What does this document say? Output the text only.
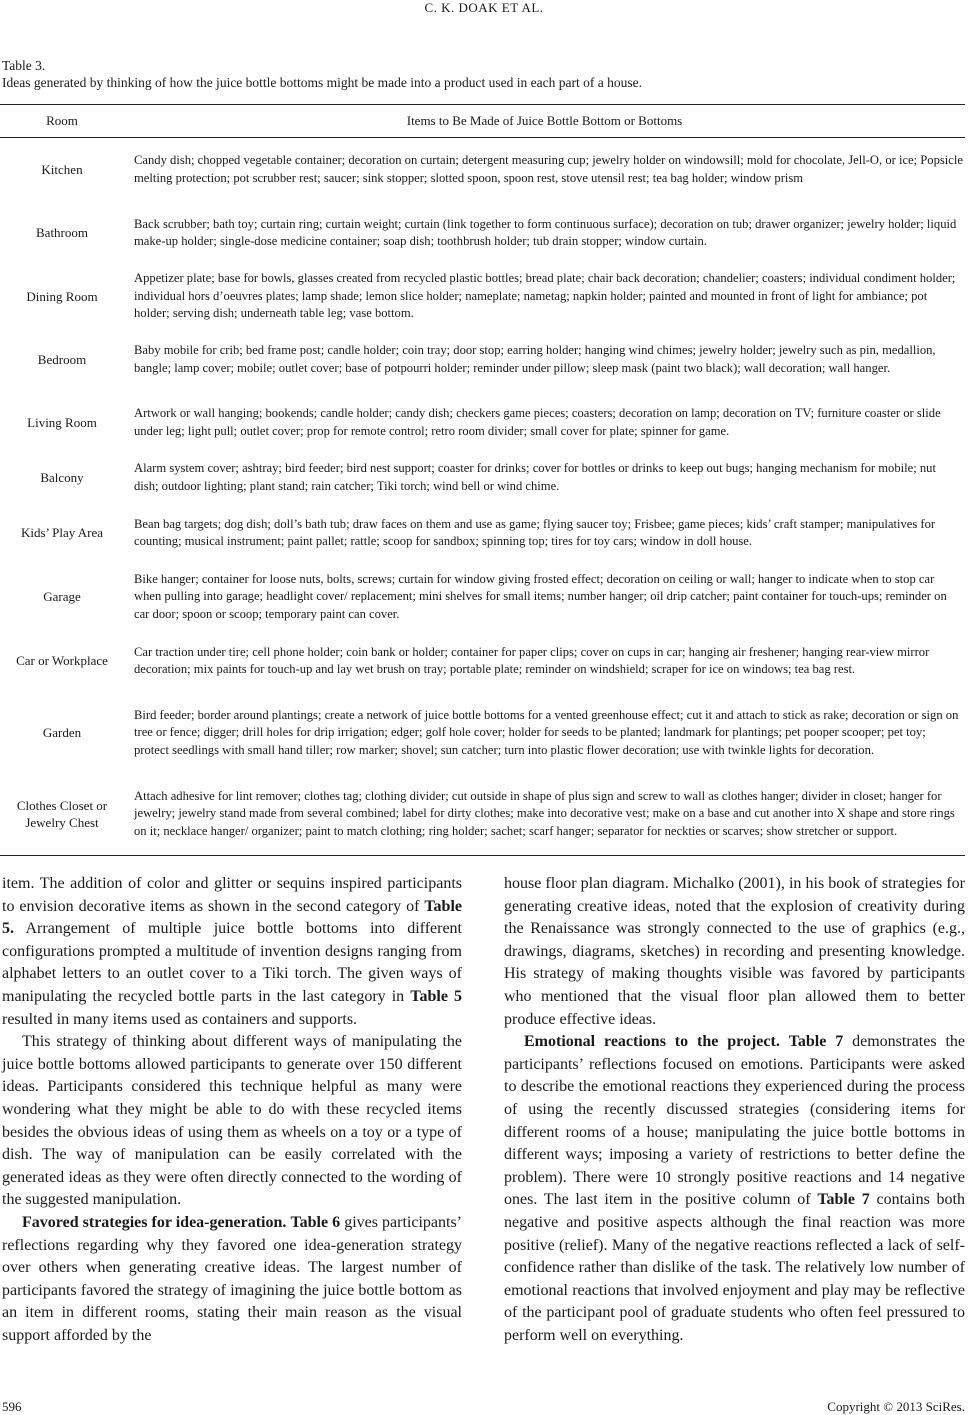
C. K. DOAK ET AL.
Table 3.
Ideas generated by thinking of how the juice bottle bottoms might be made into a product used in each part of a house.
Room	Items to Be Made of Juice Bottle Bottom or Bottoms
Kitchen
Candy dish; chopped vegetable container; decoration on curtain; detergent measuring cup; jewelry holder on windowsill; mold for chocolate, Jell-O, or ice; Popsicle melting protection; pot scrubber rest; saucer; sink stopper; slotted spoon, spoon rest, stove utensil rest; tea bag holder; window prism
Bathroom
Back scrubber; bath toy; curtain ring; curtain weight; curtain (link together to form continuous surface); decoration on tub; drawer organizer; jewelry holder; liquid make-up holder; single-dose medicine container; soap dish; toothbrush holder; tub drain stopper; window curtain.
Dining Room
Appetizer plate; base for bowls, glasses created from recycled plastic bottles; bread plate; chair back decoration; chandelier; coasters; individual condiment holder; individual hors d’oeuvres plates; lamp shade; lemon slice holder; nameplate; nametag; napkin holder; painted and mounted in front of light for ambiance; pot holder; serving dish; underneath table leg; vase bottom.
Bedroom
Baby mobile for crib; bed frame post; candle holder; coin tray; door stop; earring holder; hanging wind chimes; jewelry holder; jewelry such as pin, medallion, bangle; lamp cover; mobile; outlet cover; base of potpourri holder; reminder under pillow; sleep mask (paint two black); wall decoration; wall hanger.
Living Room
Artwork or wall hanging; bookends; candle holder; candy dish; checkers game pieces; coasters; decoration on lamp; decoration on TV; furniture coaster or slide under leg; light pull; outlet cover; prop for remote control; retro room divider; small cover for plate; spinner for game.
Balcony
Alarm system cover; ashtray; bird feeder; bird nest support; coaster for drinks; cover for bottles or drinks to keep out bugs; hanging mechanism for mobile; nut dish; outdoor lighting; plant stand; rain catcher; Tiki torch; wind bell or wind chime.
Kids’ Play Area
Bean bag targets; dog dish; doll’s bath tub; draw faces on them and use as game; flying saucer toy; Frisbee; game pieces; kids’ craft stamper; manipulatives for counting; musical instrument; paint pallet; rattle; scoop for sandbox; spinning top; tires for toy cars; window in doll house.
Garage
Bike hanger; container for loose nuts, bolts, screws; curtain for window giving frosted effect; decoration on ceiling or wall; hanger to indicate when to stop car when pulling into garage; headlight cover/ replacement; mini shelves for small items; number hanger; oil drip catcher; paint container for touch-ups; reminder on car door; spoon or scoop; temporary paint can cover.
Car or Workplace
Car traction under tire; cell phone holder; coin bank or holder; container for paper clips; cover on cups in car; hanging air freshener; hanging rear-view mirror decoration; mix paints for touch-up and lay wet brush on tray; portable plate; reminder on windshield; scraper for ice on windows; tea bag rest.
Garden
Bird feeder; border around plantings; create a network of juice bottle bottoms for a vented greenhouse effect; cut it and attach to stick as rake; decoration or sign on tree or fence; digger; drill holes for drip irrigation; edger; golf hole cover; holder for seeds to be planted; landmark for plantings; pet pooper scooper; pet toy; protect seedlings with small hand tiller; row marker; shovel; sun catcher; turn into plastic flower decoration; use with twinkle lights for decoration.
Clothes Closet or Jewelry Chest
Attach adhesive for lint remover; clothes tag; clothing divider; cut outside in shape of plus sign and screw to wall as clothes hanger; divider in closet; hanger for jewelry; jewelry stand made from several combined; label for dirty clothes; make into decorative vest; make on a base and cut another into X shape and store rings on it; necklace hanger/ organizer; paint to match clothing; ring holder; sachet; scarf hanger; separator for neckties or scarves; show stretcher or support.

item. The addition of color and glitter or sequins inspired participants to envision decorative items as shown in the second category of Table 5. Arrangement of multiple juice bottle bottoms into different configurations prompted a multitude of invention designs ranging from alphabet letters to an outlet cover to a Tiki torch. The given ways of manipulating the recycled bottle parts in the last category in Table 5 resulted in many items used as containers and supports.

This strategy of thinking about different ways of manipulating the juice bottle bottoms allowed participants to generate over 150 different ideas. Participants considered this technique helpful as many were wondering what they might be able to do with these recycled items besides the obvious ideas of using them as wheels on a toy or a type of dish. The way of manipulation can be easily correlated with the generated ideas as they were often directly connected to the wording of the suggested manipulation.

Favored strategies for idea-generation. Table 6 gives participants’ reflections regarding why they favored one idea-generation strategy over others when generating creative ideas. The largest number of participants favored the strategy of imagining the juice bottle bottom as an item in different rooms, stating their main reason as the visual support afforded by the

house floor plan diagram. Michalko (2001), in his book of strategies for generating creative ideas, noted that the explosion of creativity during the Renaissance was strongly connected to the use of graphics (e.g., drawings, diagrams, sketches) in recording and presenting knowledge. His strategy of making thoughts visible was favored by participants who mentioned that the visual floor plan allowed them to better produce effective ideas.

Emotional reactions to the project. Table 7 demonstrates the participants’ reflections focused on emotions. Participants were asked to describe the emotional reactions they experienced during the process of using the recently discussed strategies (considering items for different rooms of a house; manipulating the juice bottle bottoms in different ways; imposing a variety of restrictions to better define the problem). There were 10 strongly positive reactions and 14 negative ones. The last item in the positive column of Table 7 contains both negative and positive aspects although the final reaction was more positive (relief). Many of the negative reactions reflected a lack of self-confidence rather than dislike of the task. The relatively low number of emotional reactions that involved enjoyment and play may be reflective of the participant pool of graduate students who often feel pressured to perform well on everything.

596	Copyright © 2013 SciRes.
